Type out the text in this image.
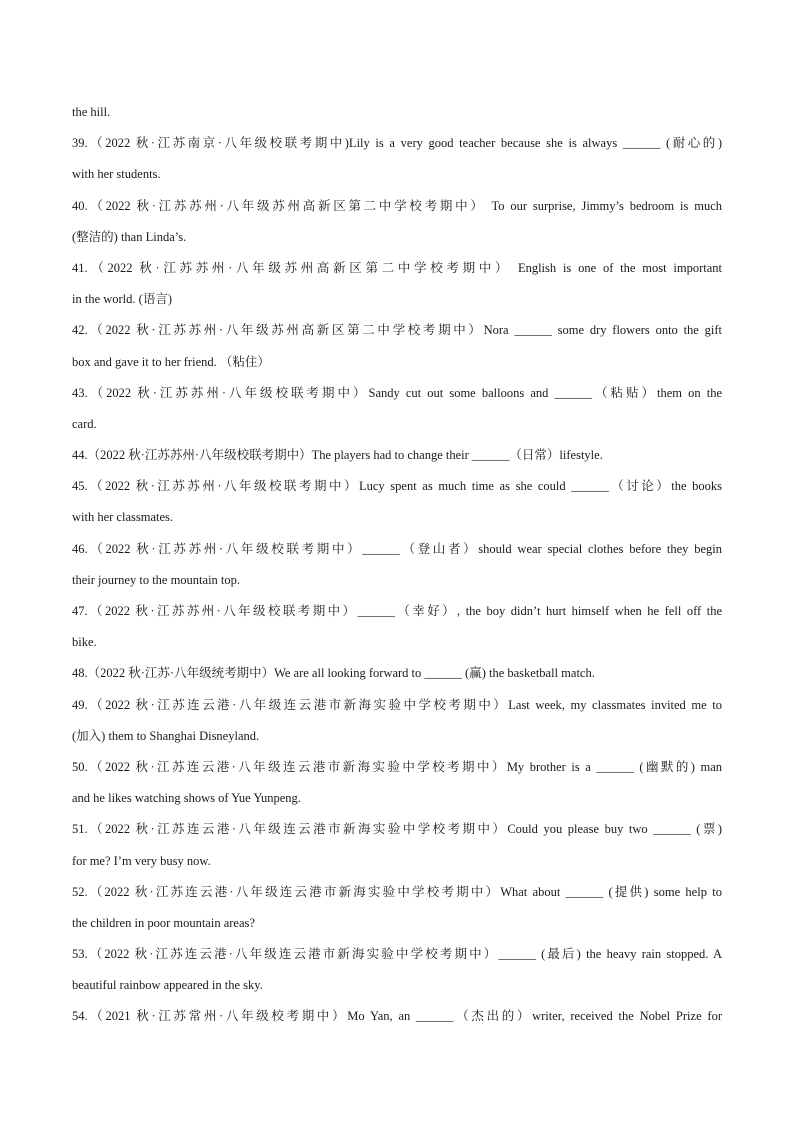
the hill.
39.（2022 秋·江苏南京·八年级校联考期中)Lily is a very good teacher because she is always ______ (耐心的)
with her students.
40.（2022 秋·江苏苏州·八年级苏州高新区第二中学校考期中） To our surprise, Jimmy’s bedroom is much
(整洁的) than Linda’s.
41.（2022 秋·江苏苏州·八年级苏州高新区第二中学校考期中） English is one of the most important
in the world. (语言)
42.（2022 秋·江苏苏州·八年级苏州高新区第二中学校考期中）Nora ______ some dry flowers onto the gift
box and gave it to her friend. （粘住）
43.（2022 秋·江苏苏州·八年级校联考期中）Sandy cut out some balloons and ______（粘贴）them on the
card.
44.（2022 秋·江苏苏州·八年级校联考期中）The players had to change their ______（日常）lifestyle.
45.（2022 秋·江苏苏州·八年级校联考期中）Lucy spent as much time as she could ______（讨论）the books
with her classmates.
46.（2022 秋·江苏苏州·八年级校联考期中）______（登山者）should wear special clothes before they begin
their journey to the mountain top.
47.（2022 秋·江苏苏州·八年级校联考期中）______（幸好）, the boy didn’t hurt himself when he fell off the
bike.
48.（2022 秋·江苏·八年级统考期中）We are all looking forward to ______ (赢) the basketball match.
49.（2022 秋·江苏连云港·八年级连云港市新海实验中学校考期中）Last week, my classmates invited me to
(加入) them to Shanghai Disneyland.
50.（2022 秋·江苏连云港·八年级连云港市新海实验中学校考期中）My brother is a ______ (幽默的) man
and he likes watching shows of Yue Yunpeng.
51.（2022 秋·江苏连云港·八年级连云港市新海实验中学校考期中）Could you please buy two ______ (票)
for me? I’m very busy now.
52.（2022 秋·江苏连云港·八年级连云港市新海实验中学校考期中）What about ______ (提供) some help to
the children in poor mountain areas?
53.（2022 秋·江苏连云港·八年级连云港市新海实验中学校考期中）______ (最后) the heavy rain stopped. A
beautiful rainbow appeared in the sky.
54.（2021 秋·江苏常州·八年级校考期中）Mo Yan, an ______（杰出的）writer, received the Nobel Prize for
